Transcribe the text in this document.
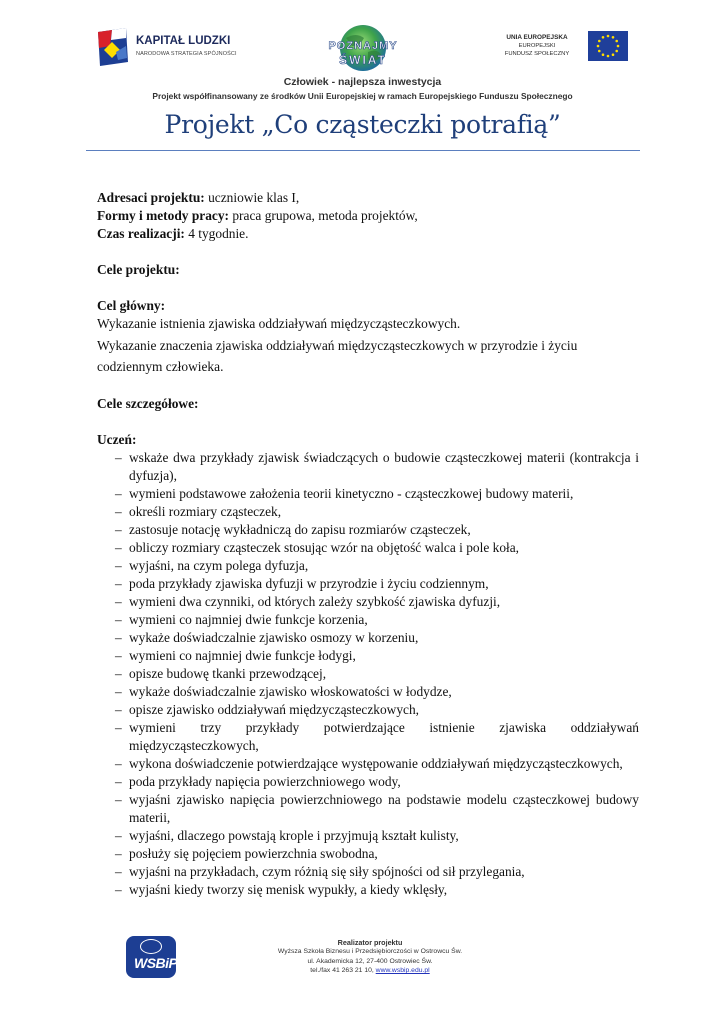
KAPITAŁ LUDZKI
NARODOWA STRATEGIA SPÓJNOŚCI
POZNAJMY
ŚWIAT
UNIA EUROPEJSKA
EUROPEJSKI
FUNDUSZ SPOŁECZNY
Człowiek - najlepsza inwestycja
Projekt współfinansowany ze środków Unii Europejskiej w ramach Europejskiego Funduszu Społecznego
Projekt „Co cząsteczki potrafią”

Adresaci projektu: uczniowie klas I,

Formy i metody pracy: praca grupowa, metoda projektów,

Czas realizacji: 4 tygodnie.

Cele projektu:

Cel główny:

Wykazanie istnienia zjawiska oddziaływań międzycząsteczkowych.

Wykazanie znaczenia zjawiska oddziaływań międzycząsteczkowych w przyrodzie i życiu codziennym człowieka.

Cele szczegółowe:

Uczeń:

– wskaże dwa przykłady zjawisk świadczących o budowie cząsteczkowej materii (kontrakcja i dyfuzja),
– wymieni podstawowe założenia teorii kinetyczno - cząsteczkowej budowy materii,
– określi rozmiary cząsteczek,
– zastosuje notację wykładniczą do zapisu rozmiarów cząsteczek,
– obliczy rozmiary cząsteczek stosując wzór na objętość walca i pole koła,
– wyjaśni, na czym polega dyfuzja,
– poda przykłady zjawiska dyfuzji w przyrodzie i życiu codziennym,
– wymieni dwa czynniki, od których zależy szybkość zjawiska dyfuzji,
– wymieni co najmniej dwie funkcje korzenia,
– wykaże doświadczalnie zjawisko osmozy w korzeniu,
– wymieni co najmniej dwie funkcje łodygi,
– opisze budowę tkanki przewodzącej,
– wykaże doświadczalnie zjawisko włoskowatości w łodydze,
– opisze zjawisko oddziaływań międzycząsteczkowych,
– wymieni trzy przykłady potwierdzające istnienie zjawiska oddziaływań międzycząsteczkowych,
– wykona doświadczenie potwierdzające występowanie oddziaływań międzycząsteczkowych,
– poda przykłady napięcia powierzchniowego wody,
– wyjaśni zjawisko napięcia powierzchniowego na podstawie modelu cząsteczkowej budowy materii,
– wyjaśni, dlaczego powstają krople i przyjmują kształt kulisty,
– posłuży się pojęciem powierzchnia swobodna,
– wyjaśni na przykładach, czym różnią się siły spójności od sił przylegania,
– wyjaśni kiedy tworzy się menisk wypukły, a kiedy wklęsły,
WSBiP
Realizator projektu
Wyższa Szkoła Biznesu i Przedsiębiorczości w Ostrowcu Św.
ul. Akademicka 12, 27-400 Ostrowiec Św.
tel./fax 41 263 21 10, www.wsbip.edu.pl
